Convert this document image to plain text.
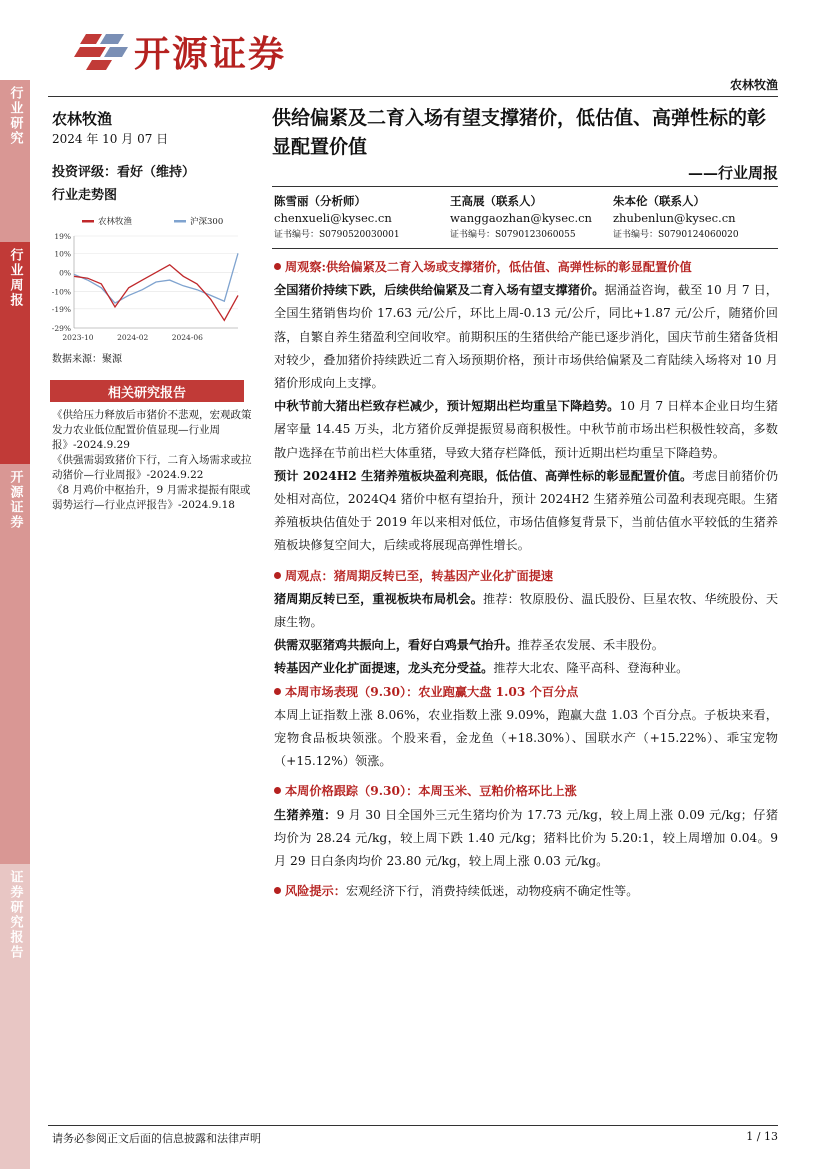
开源证券
农林牧渔
行业研究
行业周报
开源证券
证券研究报告
农林牧渔
2024 年 10 月 07 日
投资评级：看好（维持）
行业走势图
农林牧渔	沪深300
19%
10%
0%
-10%
-19%
-29%
2023-10	2024-02	2024-06
数据来源：聚源
相关研究报告
《供给压力释放后市猪价不悲观，宏观政策发力农业低位配置价值显现—行业周报》-2024.9.29
《供强需弱致猪价下行，二育入场需求或拉动猪价—行业周报》-2024.9.22
《8 月鸡价中枢抬升，9 月需求提振有限或弱势运行—行业点评报告》-2024.9.18
供给偏紧及二育入场有望支撑猪价，低估值、高弹性标的彰显配置价值
——行业周报
陈雪丽（分析师）
chenxueli@kysec.cn
证书编号：S0790520030001
王高展（联系人）
wanggaozhan@kysec.cn
证书编号：S0790123060055
朱本伦（联系人）
zhubenlun@kysec.cn
证书编号：S0790124060020
周观察:供给偏紧及二育入场或支撑猪价，低估值、高弹性标的彰显配置价值

全国猪价持续下跌，后续供给偏紧及二育入场有望支撑猪价。据涌益咨询，截至 10 月 7 日，全国生猪销售均价 17.63 元/公斤，环比上周-0.13 元/公斤，同比+1.87 元/公斤，随猪价回落，自繁自养生猪盈利空间收窄。前期积压的生猪供给产能已逐步消化，国庆节前生猪备货相对较少，叠加猪价持续跌近二育入场预期价格，预计市场供给偏紧及二育陆续入场将对 10 月猪价形成向上支撑。

中秋节前大猪出栏致存栏减少，预计短期出栏均重呈下降趋势。10 月 7 日样本企业日均生猪屠宰量 14.45 万头，北方猪价反弹提振贸易商积极性。中秋节前市场出栏积极性较高，多数散户选择在节前出栏大体重猪，导致大猪存栏降低，预计近期出栏均重呈下降趋势。

预计 2024H2 生猪养殖板块盈利亮眼，低估值、高弹性标的彰显配置价值。考虑目前猪价仍处相对高位，2024Q4 猪价中枢有望抬升，预计 2024H2 生猪养殖公司盈利表现亮眼。生猪养殖板块估值处于 2019 年以来相对低位，市场估值修复背景下，当前估值水平较低的生猪养殖板块修复空间大，后续或将展现高弹性增长。

周观点：猪周期反转已至，转基因产业化扩面提速

猪周期反转已至，重视板块布局机会。推荐：牧原股份、温氏股份、巨星农牧、华统股份、天康生物。

供需双驱猪鸡共振向上，看好白鸡景气抬升。推荐圣农发展、禾丰股份。

转基因产业化扩面提速，龙头充分受益。推荐大北农、隆平高科、登海种业。

本周市场表现（9.30）：农业跑赢大盘 1.03 个百分点

本周上证指数上涨 8.06%，农业指数上涨 9.09%，跑赢大盘 1.03 个百分点。子板块来看，宠物食品板块领涨。个股来看，金龙鱼（+18.30%）、国联水产（+15.22%）、乖宝宠物（+15.12%）领涨。

本周价格跟踪（9.30）：本周玉米、豆粕价格环比上涨

生猪养殖：9 月 30 日全国外三元生猪均价为 17.73 元/kg，较上周上涨 0.09 元/kg；仔猪均价为 28.24 元/kg，较上周下跌 1.40 元/kg；猪料比价为 5.20:1，较上周增加 0.04。9 月 29 日白条肉均价 23.80 元/kg，较上周上涨 0.03 元/kg。

风险提示：宏观经济下行，消费持续低迷，动物疫病不确定性等。

请务必参阅正文后面的信息披露和法律声明	1 / 13
